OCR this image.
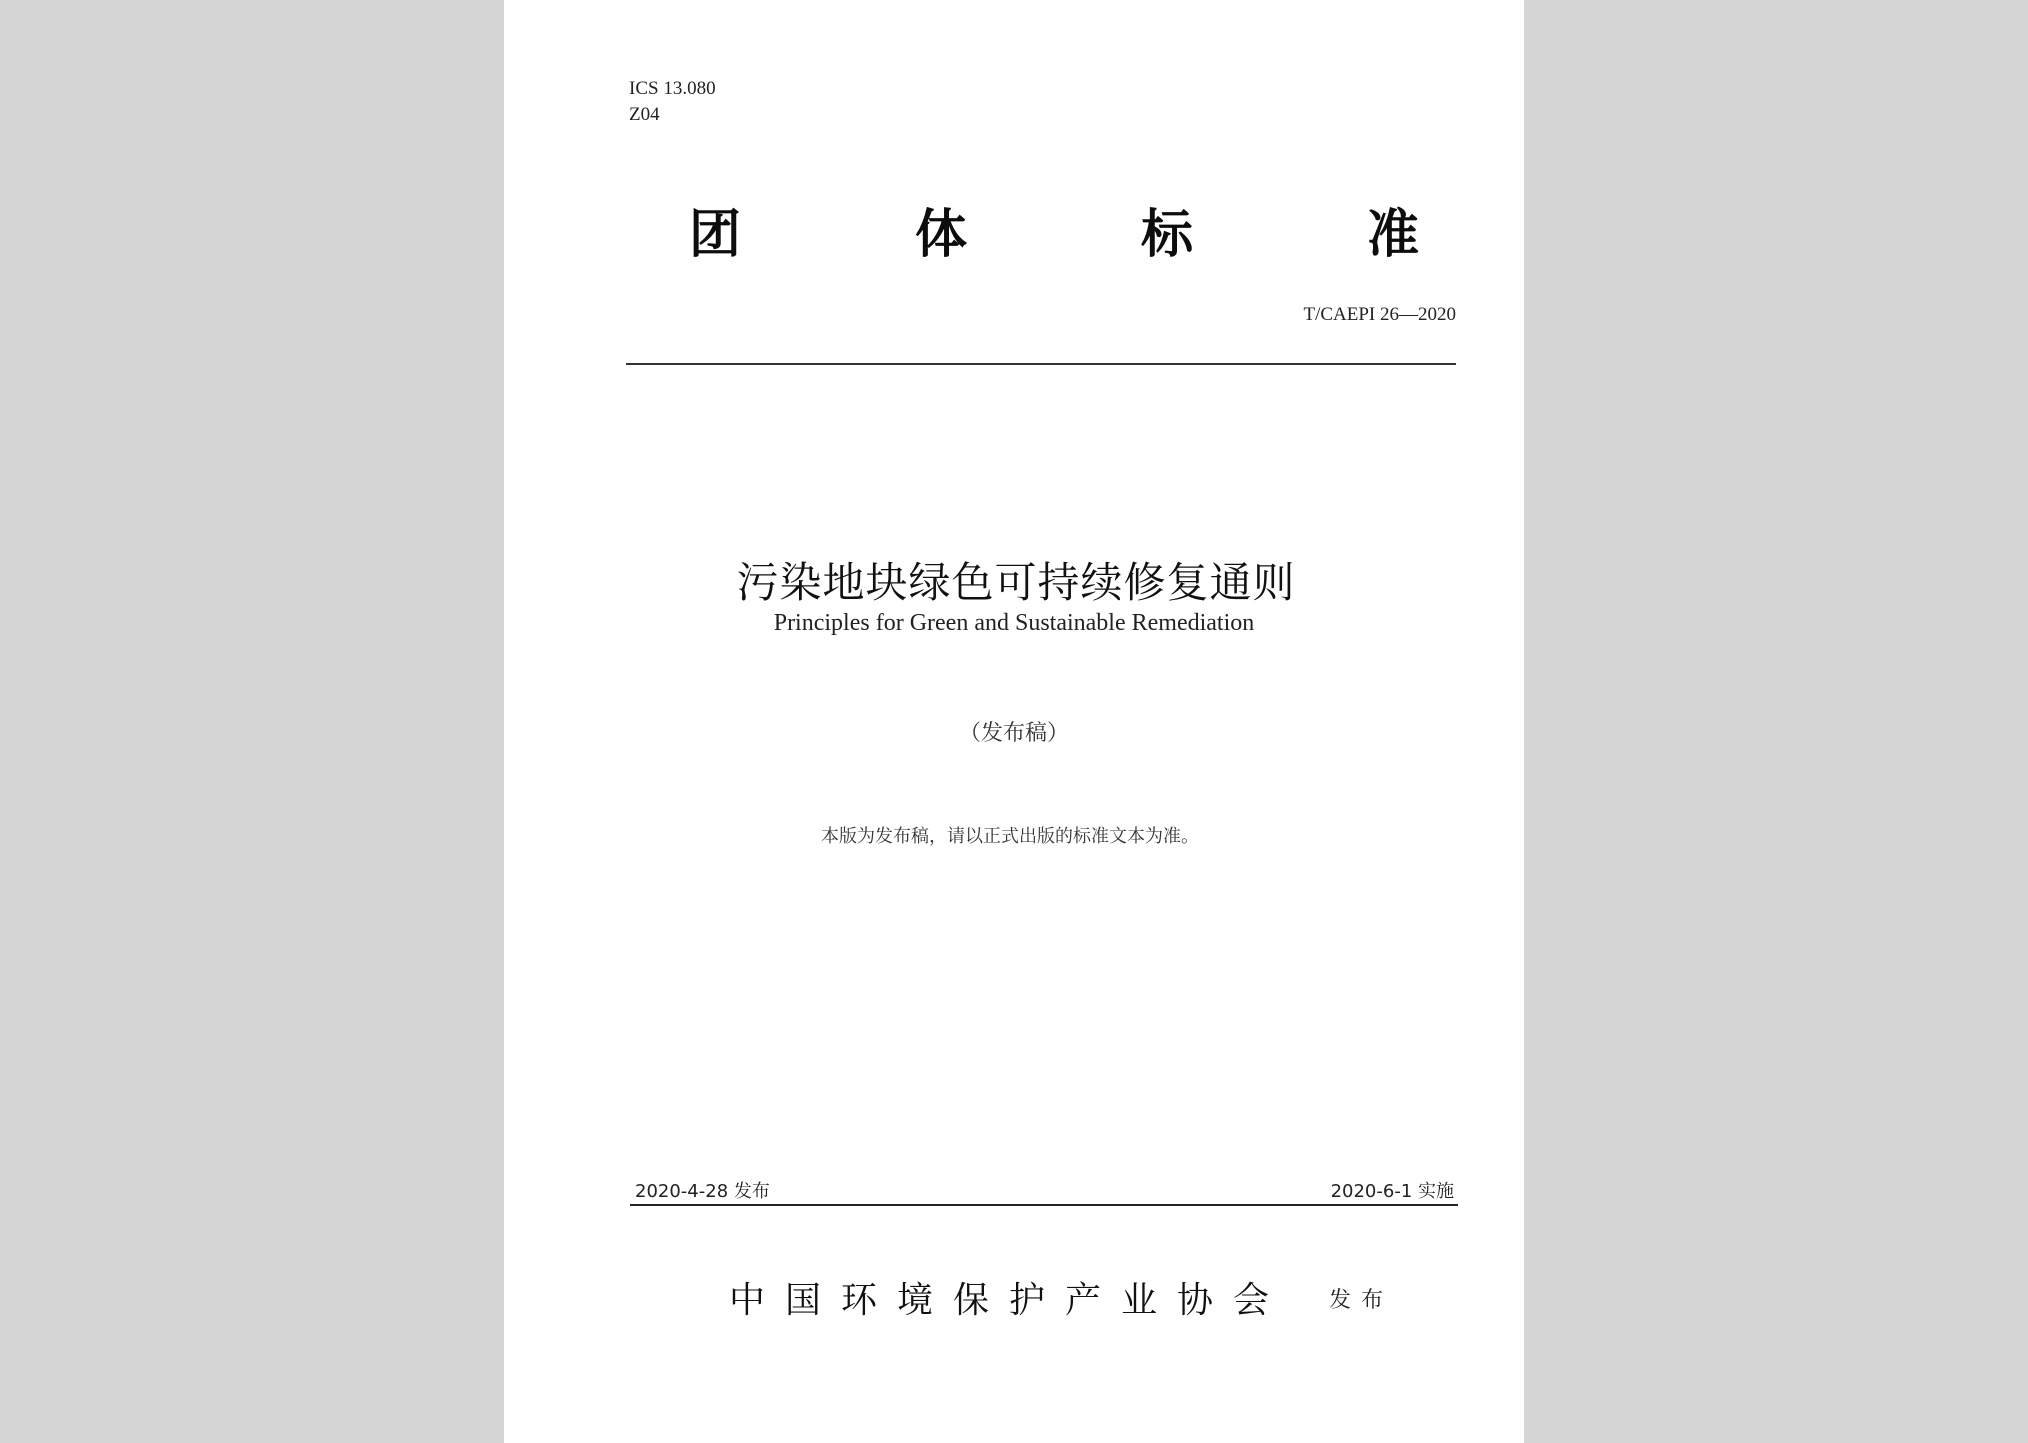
ICS 13.080
Z04
团	体	标	准
T/CAEPI 26—2020
污染地块绿色可持续修复通则
Principles for Green and Sustainable Remediation
（发布稿）
本版为发布稿，请以正式出版的标准文本为准。
2020-4-28 发布	2020-6-1 实施
中国环境保护产业协会 发布
